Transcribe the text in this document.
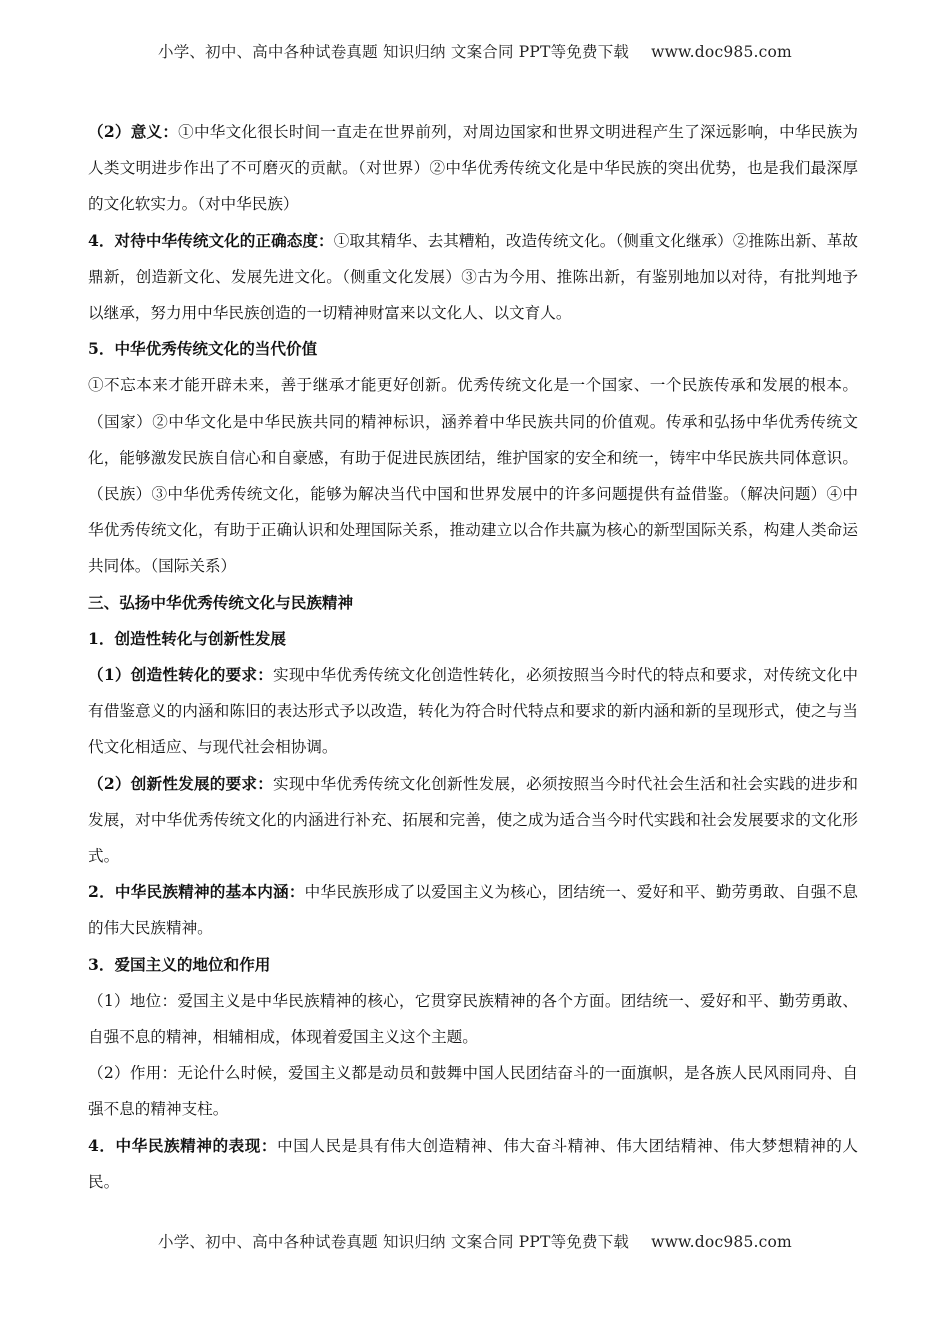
小学、初中、高中各种试卷真题 知识归纳 文案合同 PPT等免费下载 www.doc985.com

（2）意义：①中华文化很长时间一直走在世界前列，对周边国家和世界文明进程产生了深远影响，中华民族为人类文明进步作出了不可磨灭的贡献。（对世界）②中华优秀传统文化是中华民族的突出优势，也是我们最深厚的文化软实力。（对中华民族）

4．对待中华传统文化的正确态度：①取其精华、去其糟粕，改造传统文化。（侧重文化继承）②推陈出新、革故鼎新，创造新文化、发展先进文化。（侧重文化发展）③古为今用、推陈出新，有鉴别地加以对待，有批判地予以继承，努力用中华民族创造的一切精神财富来以文化人、以文育人。

5．中华优秀传统文化的当代价值

①不忘本来才能开辟未来，善于继承才能更好创新。优秀传统文化是一个国家、一个民族传承和发展的根本。（国家）②中华文化是中华民族共同的精神标识，涵养着中华民族共同的价值观。传承和弘扬中华优秀传统文化，能够激发民族自信心和自豪感，有助于促进民族团结，维护国家的安全和统一，铸牢中华民族共同体意识。（民族）③中华优秀传统文化，能够为解决当代中国和世界发展中的许多问题提供有益借鉴。（解决问题）④中华优秀传统文化，有助于正确认识和处理国际关系，推动建立以合作共赢为核心的新型国际关系，构建人类命运共同体。（国际关系）

三、弘扬中华优秀传统文化与民族精神

1．创造性转化与创新性发展

（1）创造性转化的要求：实现中华优秀传统文化创造性转化，必须按照当今时代的特点和要求，对传统文化中有借鉴意义的内涵和陈旧的表达形式予以改造，转化为符合时代特点和要求的新内涵和新的呈现形式，使之与当代文化相适应、与现代社会相协调。

（2）创新性发展的要求：实现中华优秀传统文化创新性发展，必须按照当今时代社会生活和社会实践的进步和发展，对中华优秀传统文化的内涵进行补充、拓展和完善，使之成为适合当今时代实践和社会发展要求的文化形式。

2．中华民族精神的基本内涵：中华民族形成了以爱国主义为核心，团结统一、爱好和平、勤劳勇敢、自强不息的伟大民族精神。

3．爱国主义的地位和作用

（1）地位：爱国主义是中华民族精神的核心，它贯穿民族精神的各个方面。团结统一、爱好和平、勤劳勇敢、自强不息的精神，相辅相成，体现着爱国主义这个主题。

（2）作用：无论什么时候，爱国主义都是动员和鼓舞中国人民团结奋斗的一面旗帜，是各族人民风雨同舟、自强不息的精神支柱。

4．中华民族精神的表现：中国人民是具有伟大创造精神、伟大奋斗精神、伟大团结精神、伟大梦想精神的人民。

小学、初中、高中各种试卷真题 知识归纳 文案合同 PPT等免费下载 www.doc985.com
